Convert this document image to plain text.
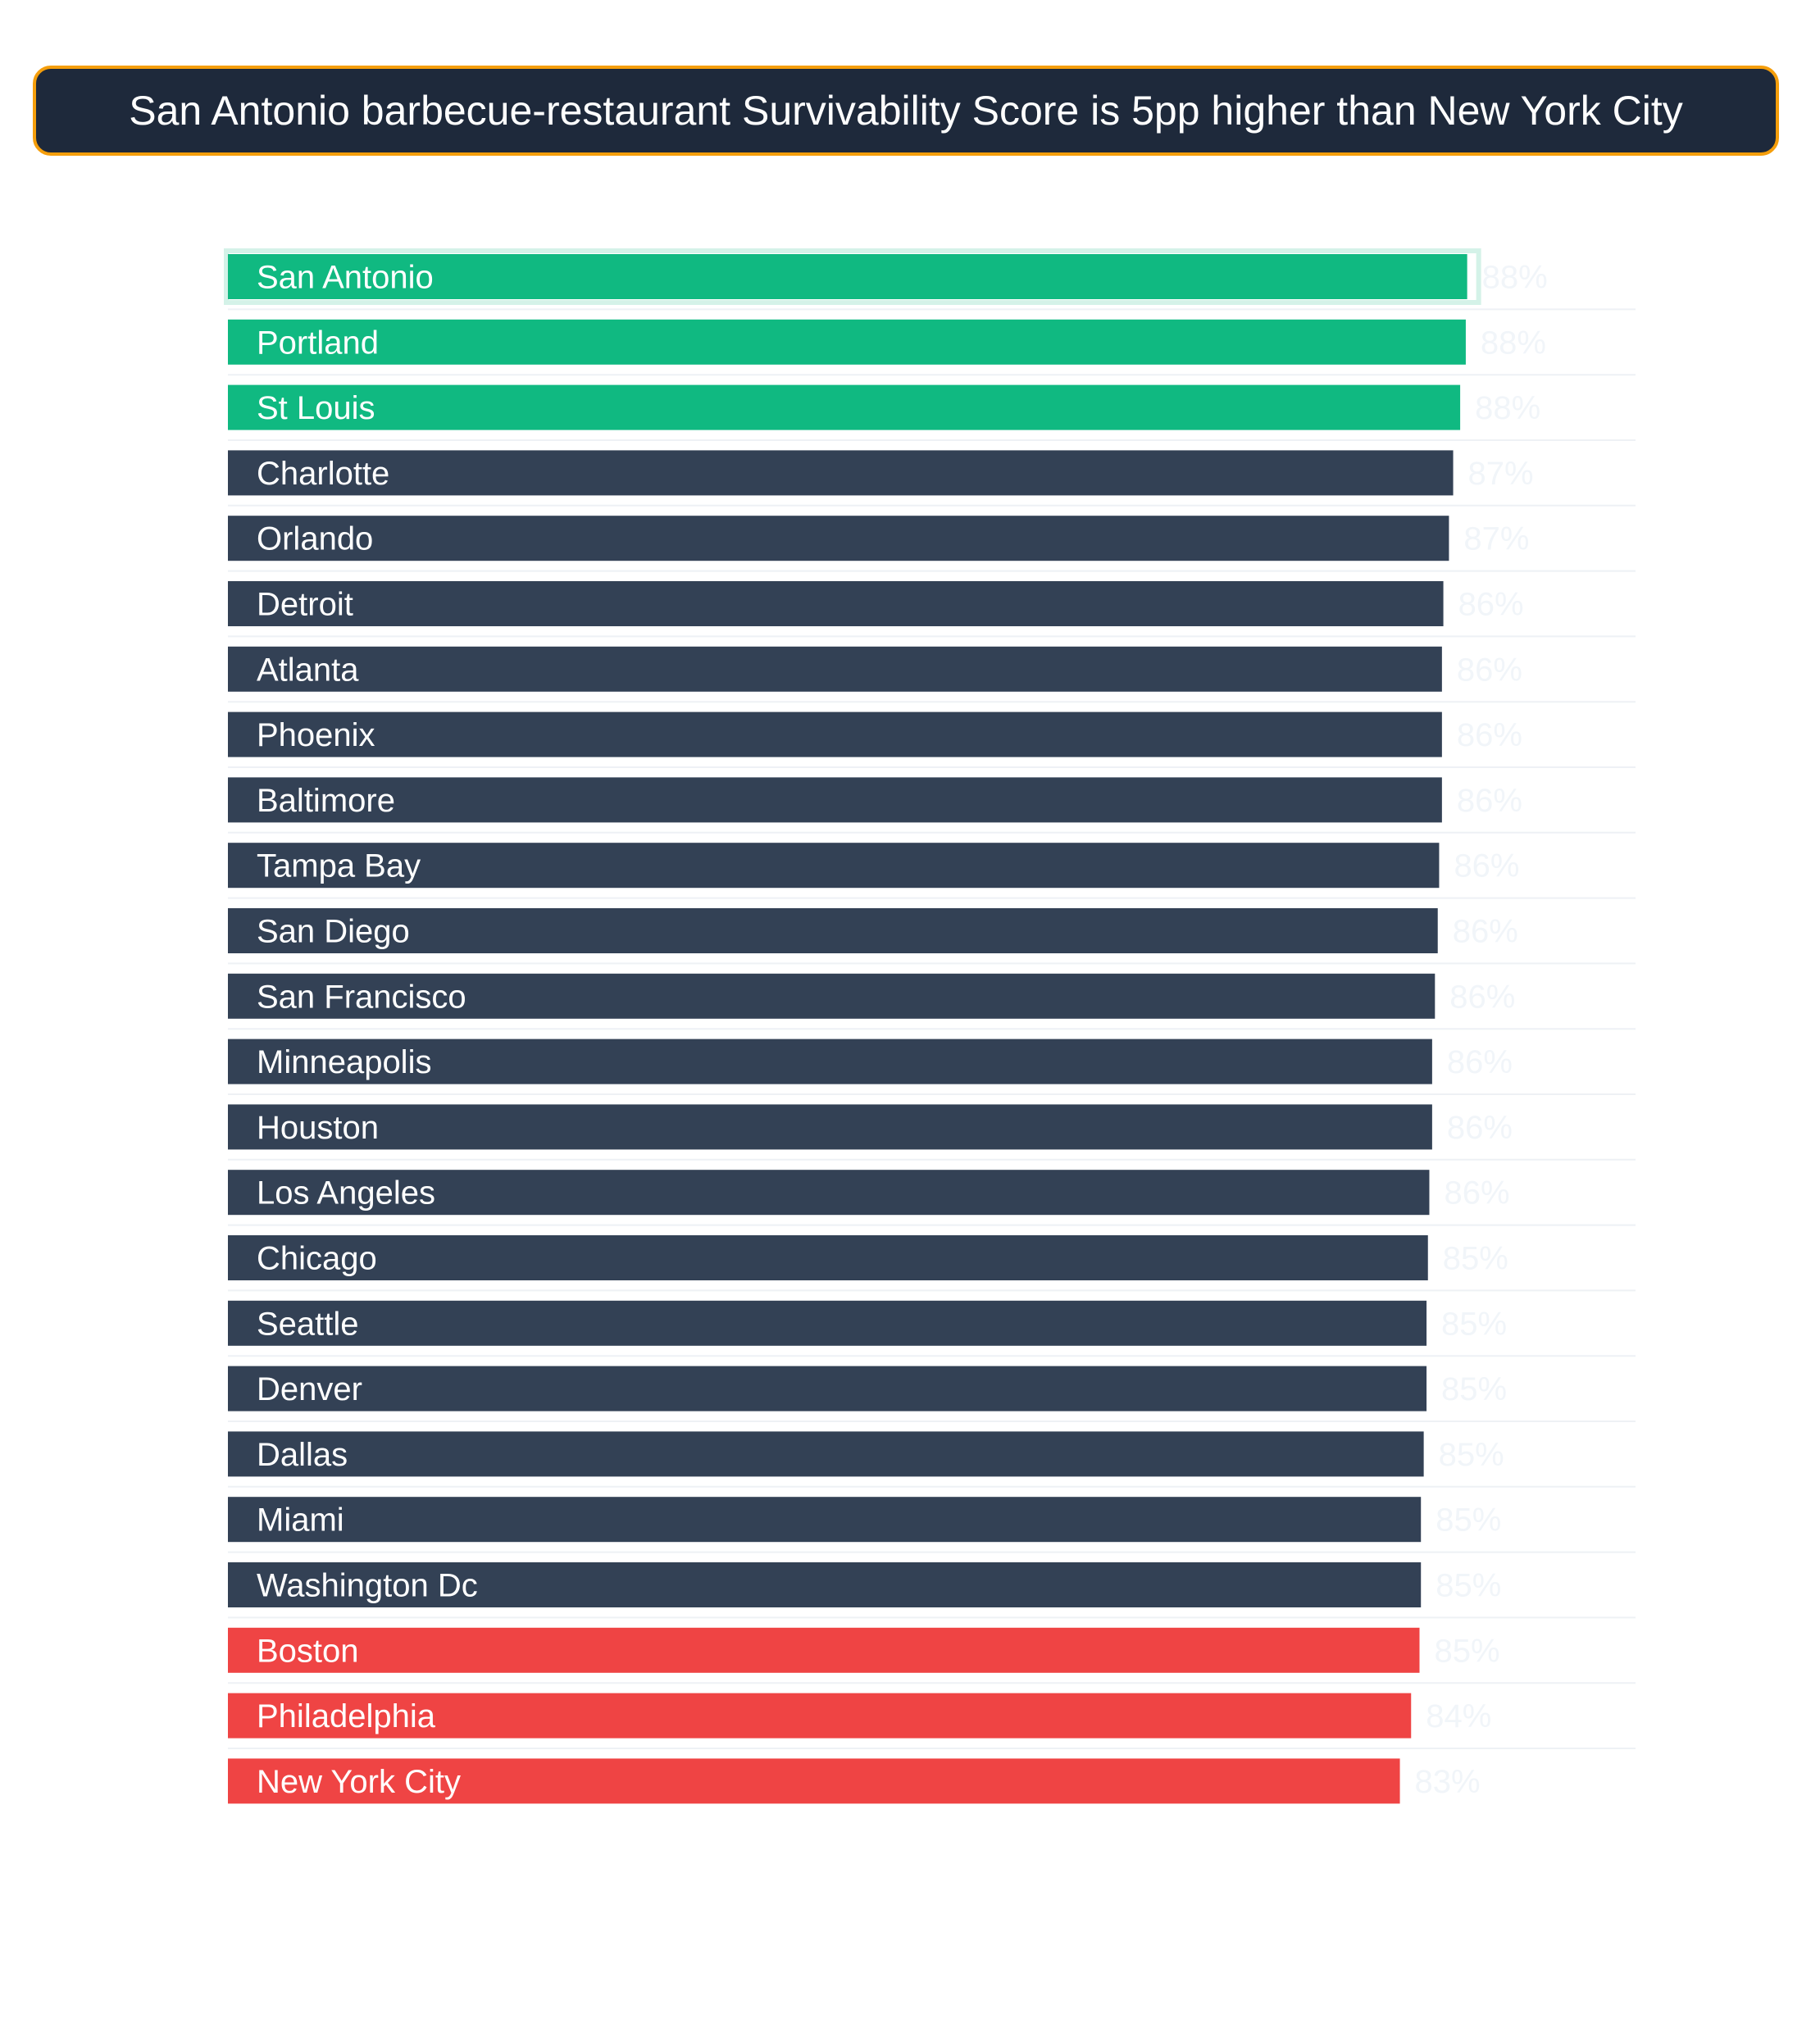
San Antonio barbecue-restaurant Survivability Score is 5pp higher than New York City
San Antonio	88%
Portland	88%
St Louis	88%
Charlotte	87%
Orlando	87%
Detroit	86%
Atlanta	86%
Phoenix	86%
Baltimore	86%
Tampa Bay	86%
San Diego	86%
San Francisco	86%
Minneapolis	86%
Houston	86%
Los Angeles	86%
Chicago	85%
Seattle	85%
Denver	85%
Dallas	85%
Miami	85%
Washington Dc	85%
Boston	85%
Philadelphia	84%
New York City	83%
